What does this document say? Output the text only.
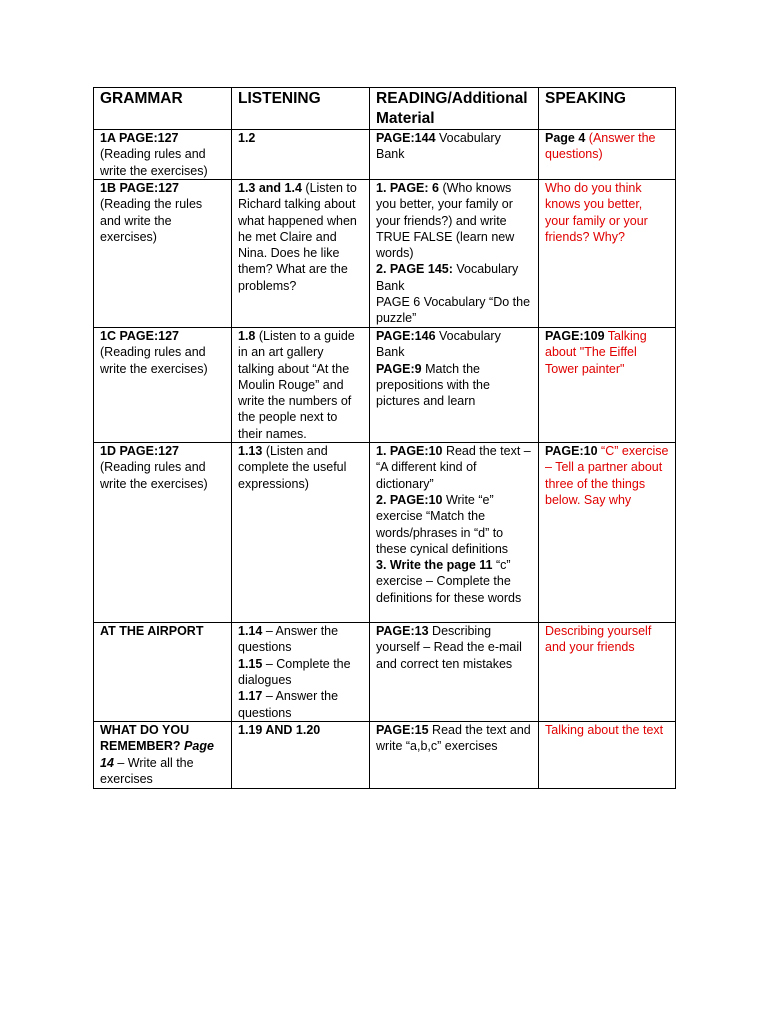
GRAMMAR	LISTENING	READING/Additional Material	SPEAKING

1A PAGE:127
(Reading rules and write the exercises)	1.2	PAGE:144 Vocabulary Bank	Page 4 (Answer the questions)

1B PAGE:127
(Reading the rules and write the exercises)	1.3 and 1.4 (Listen to Richard talking about what happened when he met Claire and Nina. Does he like them? What are the problems?	1. PAGE: 6 (Who knows you better, your family or your friends?) and write TRUE FALSE (learn new words)
2. PAGE 145: Vocabulary Bank
PAGE 6 Vocabulary “Do the puzzle”	Who do you think knows you better, your family or your friends? Why?

1C PAGE:127
(Reading rules and write the exercises)	1.8 (Listen to a guide in an art gallery talking about “At the Moulin Rouge” and write the numbers of the people next to their names.	PAGE:146 Vocabulary Bank
PAGE:9 Match the prepositions with the pictures and learn	PAGE:109 Talking about "The Eiffel Tower painter"

1D PAGE:127
(Reading rules and write the exercises)	1.13 (Listen and complete the useful expressions)	1. PAGE:10 Read the text – “A different kind of dictionary”
2. PAGE:10 Write “e” exercise “Match the words/phrases in “d” to these cynical definitions
3. Write the page 11 “c” exercise – Complete the definitions for these words	PAGE:10 “C” exercise – Tell a partner about three of the things below. Say why
AT THE AIRPORT	1.14 – Answer the questions
1.15 – Complete the dialogues
1.17 – Answer the questions	PAGE:13 Describing yourself – Read the e-mail and correct ten mistakes	Describing yourself and your friends
WHAT DO YOU REMEMBER? Page 14 – Write all the exercises	1.19 AND 1.20	PAGE:15 Read the text and write “a,b,c” exercises	Talking about the text
